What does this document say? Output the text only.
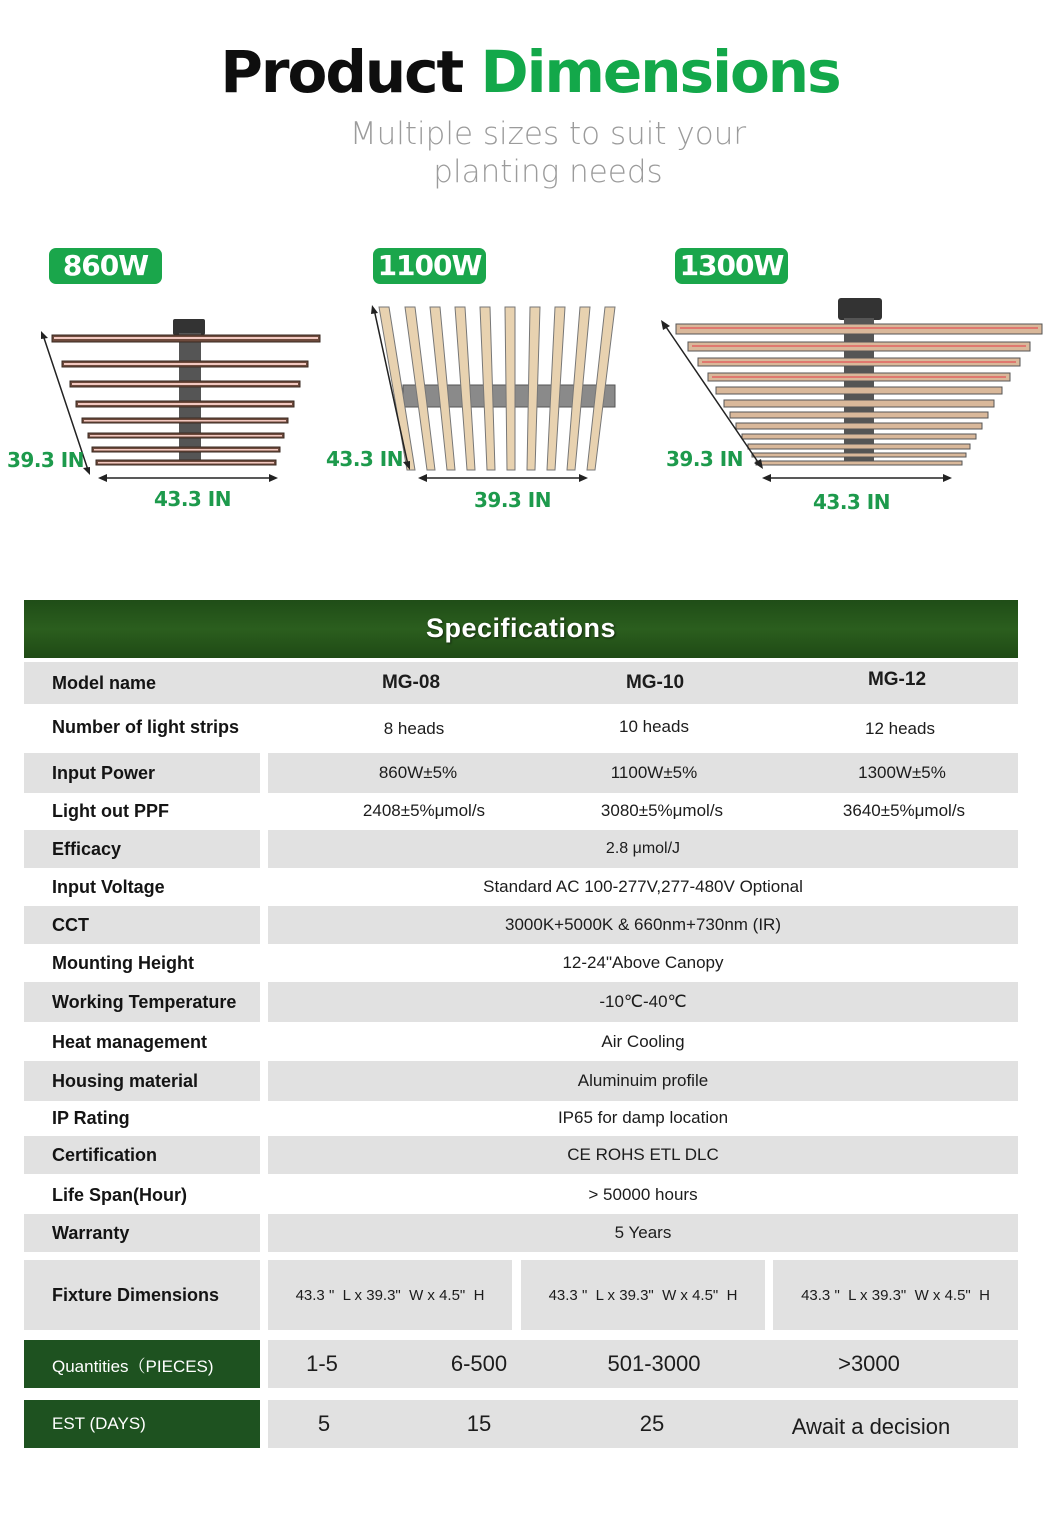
Product Dimensions
Multiple sizes to suit your
planting needs
860W
39.3 IN
43.3 IN
1100W
43.3 IN
39.3 IN
1300W
39.3 IN
43.3 IN
Specifications
Model name	MG-08	MG-10	MG-12
Number of light strips	8 heads	10 heads	12 heads
Input Power	860W±5%	1100W±5%	1300W±5%
Light out PPF	2408±5%μmol/s	3080±5%μmol/s	3640±5%μmol/s
Efficacy	2.8 μmol/J
Input Voltage	Standard AC 100-277V,277-480V Optional
CCT	3000K+5000K & 660nm+730nm (IR)
Mounting Height	12-24"Above Canopy
Working Temperature	-10℃-40℃
Heat management	Air Cooling
Housing material	Aluminuim profile
IP Rating	IP65 for damp location
Certification	CE ROHS ETL DLC
Life Span(Hour)	> 50000 hours
Warranty	5 Years
Fixture Dimensions	43.3 "  L x 39.3"  W x 4.5"  H	43.3 "  L x 39.3"  W x 4.5"  H	43.3 "  L x 39.3"  W x 4.5"  H
Quantities（PIECES)	1-5	6-500	501-3000	>3000
EST (DAYS)	5	15	25	Await a decision
